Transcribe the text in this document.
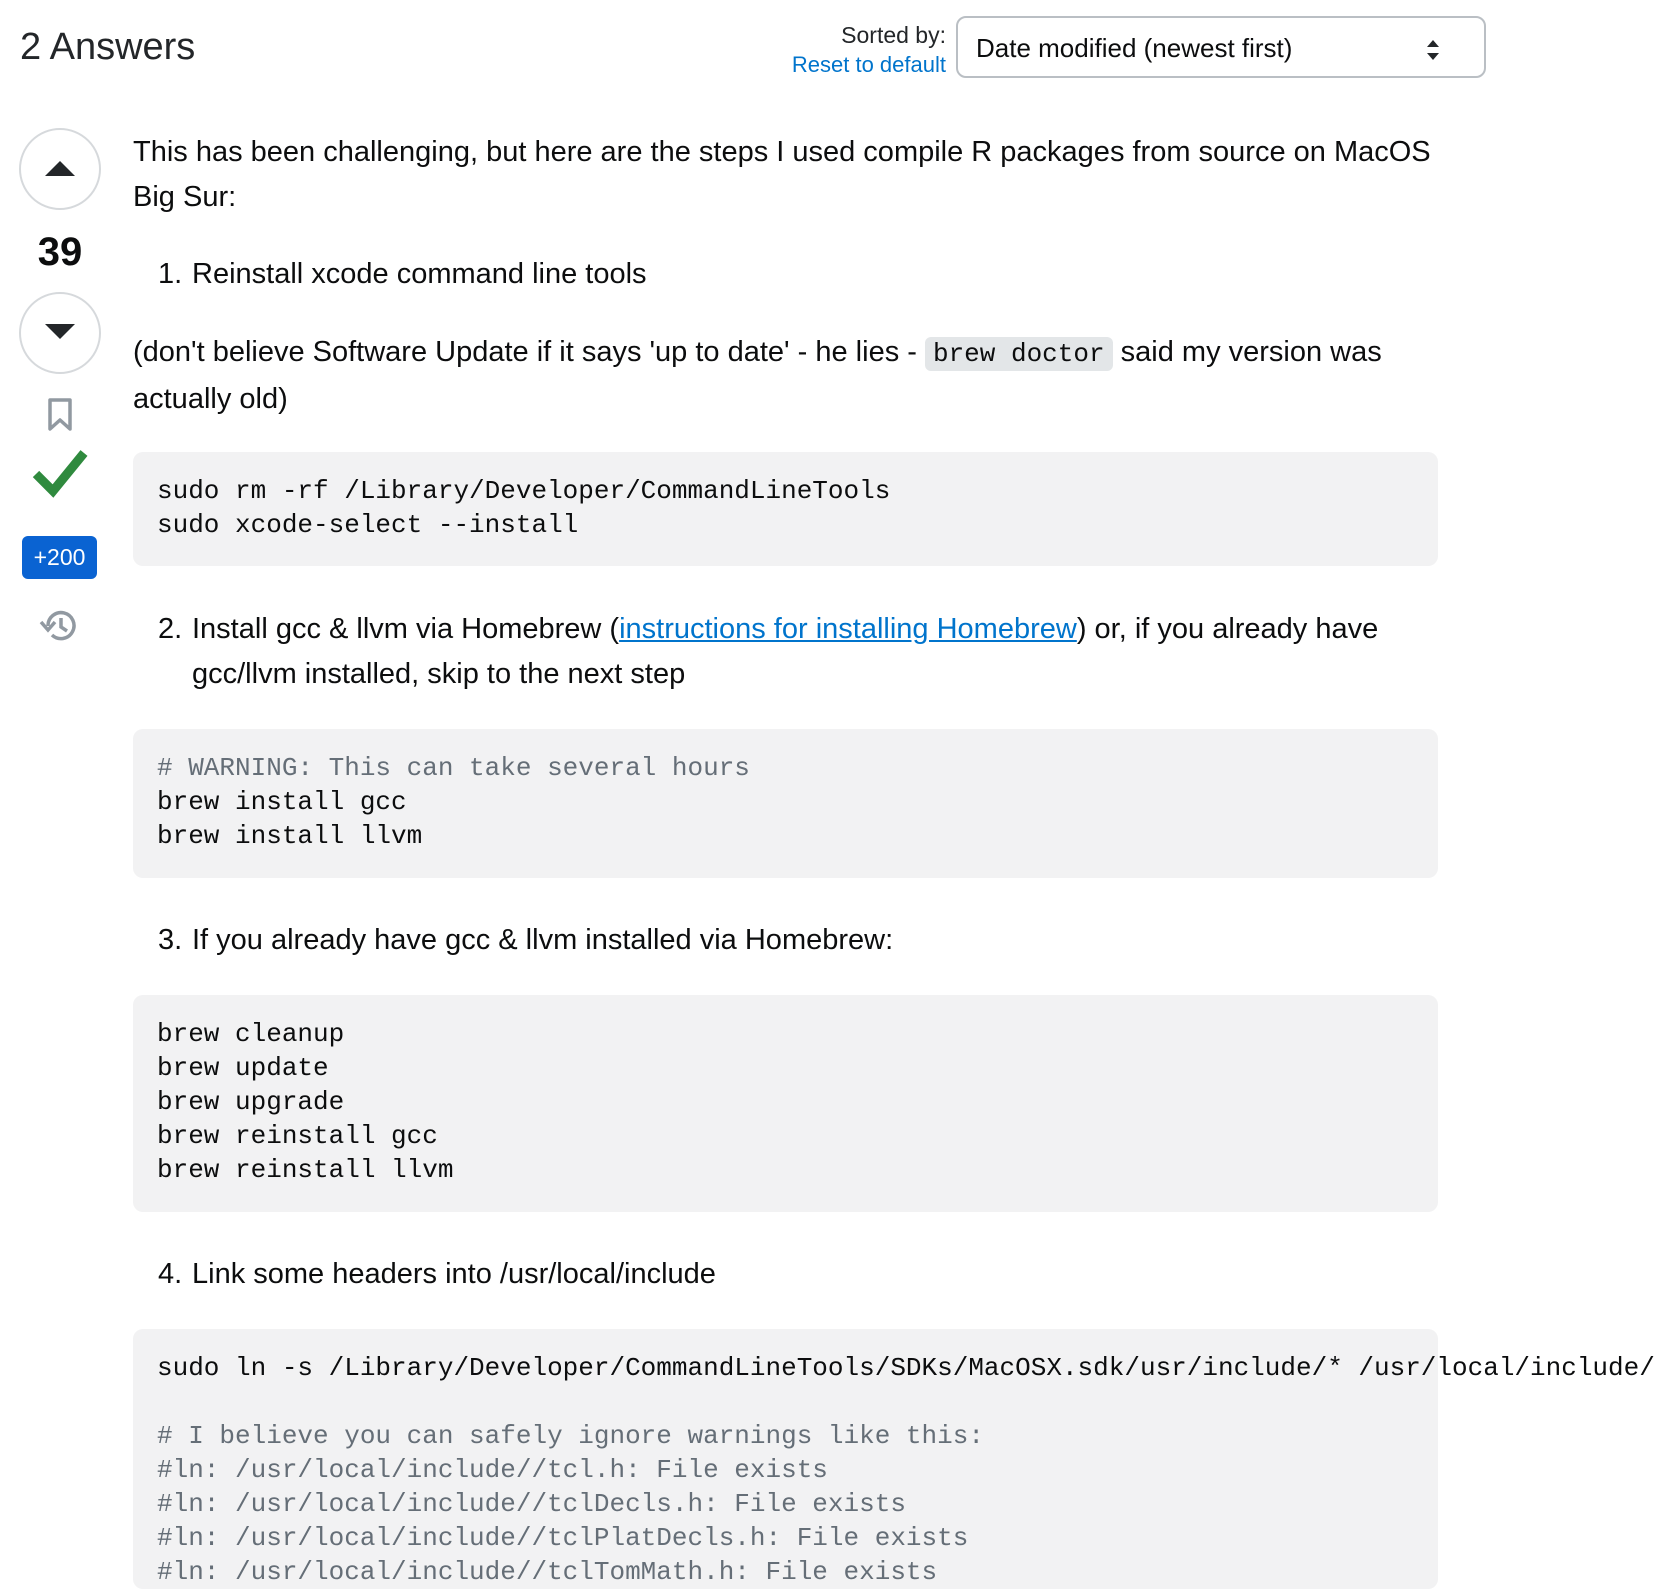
2 Answers	Sorted by:
Reset to default
Date modified (newest first)
39
+200

This has been challenging, but here are the steps I used compile R packages from source on MacOS Big Sur:

1. Reinstall xcode command line tools

(don't believe Software Update if it says 'up to date' - he lies - brew doctor said my version was actually old)

sudo rm -rf /Library/Developer/CommandLineTools
sudo xcode-select --install
2. Install gcc & llvm via Homebrew (instructions for installing Homebrew) or, if you already have gcc/llvm installed, skip to the next step
# WARNING: This can take several hours
brew install gcc
brew install llvm
3. If you already have gcc & llvm installed via Homebrew:
brew cleanup
brew update
brew upgrade
brew reinstall gcc
brew reinstall llvm
4. Link some headers into /usr/local/include
sudo ln -s /Library/Developer/CommandLineTools/SDKs/MacOSX.sdk/usr/include/* /usr/local/include/
# I believe you can safely ignore warnings like this:
#ln: /usr/local/include//tcl.h: File exists
#ln: /usr/local/include//tclDecls.h: File exists
#ln: /usr/local/include//tclPlatDecls.h: File exists
#ln: /usr/local/include//tclTomMath.h: File exists
